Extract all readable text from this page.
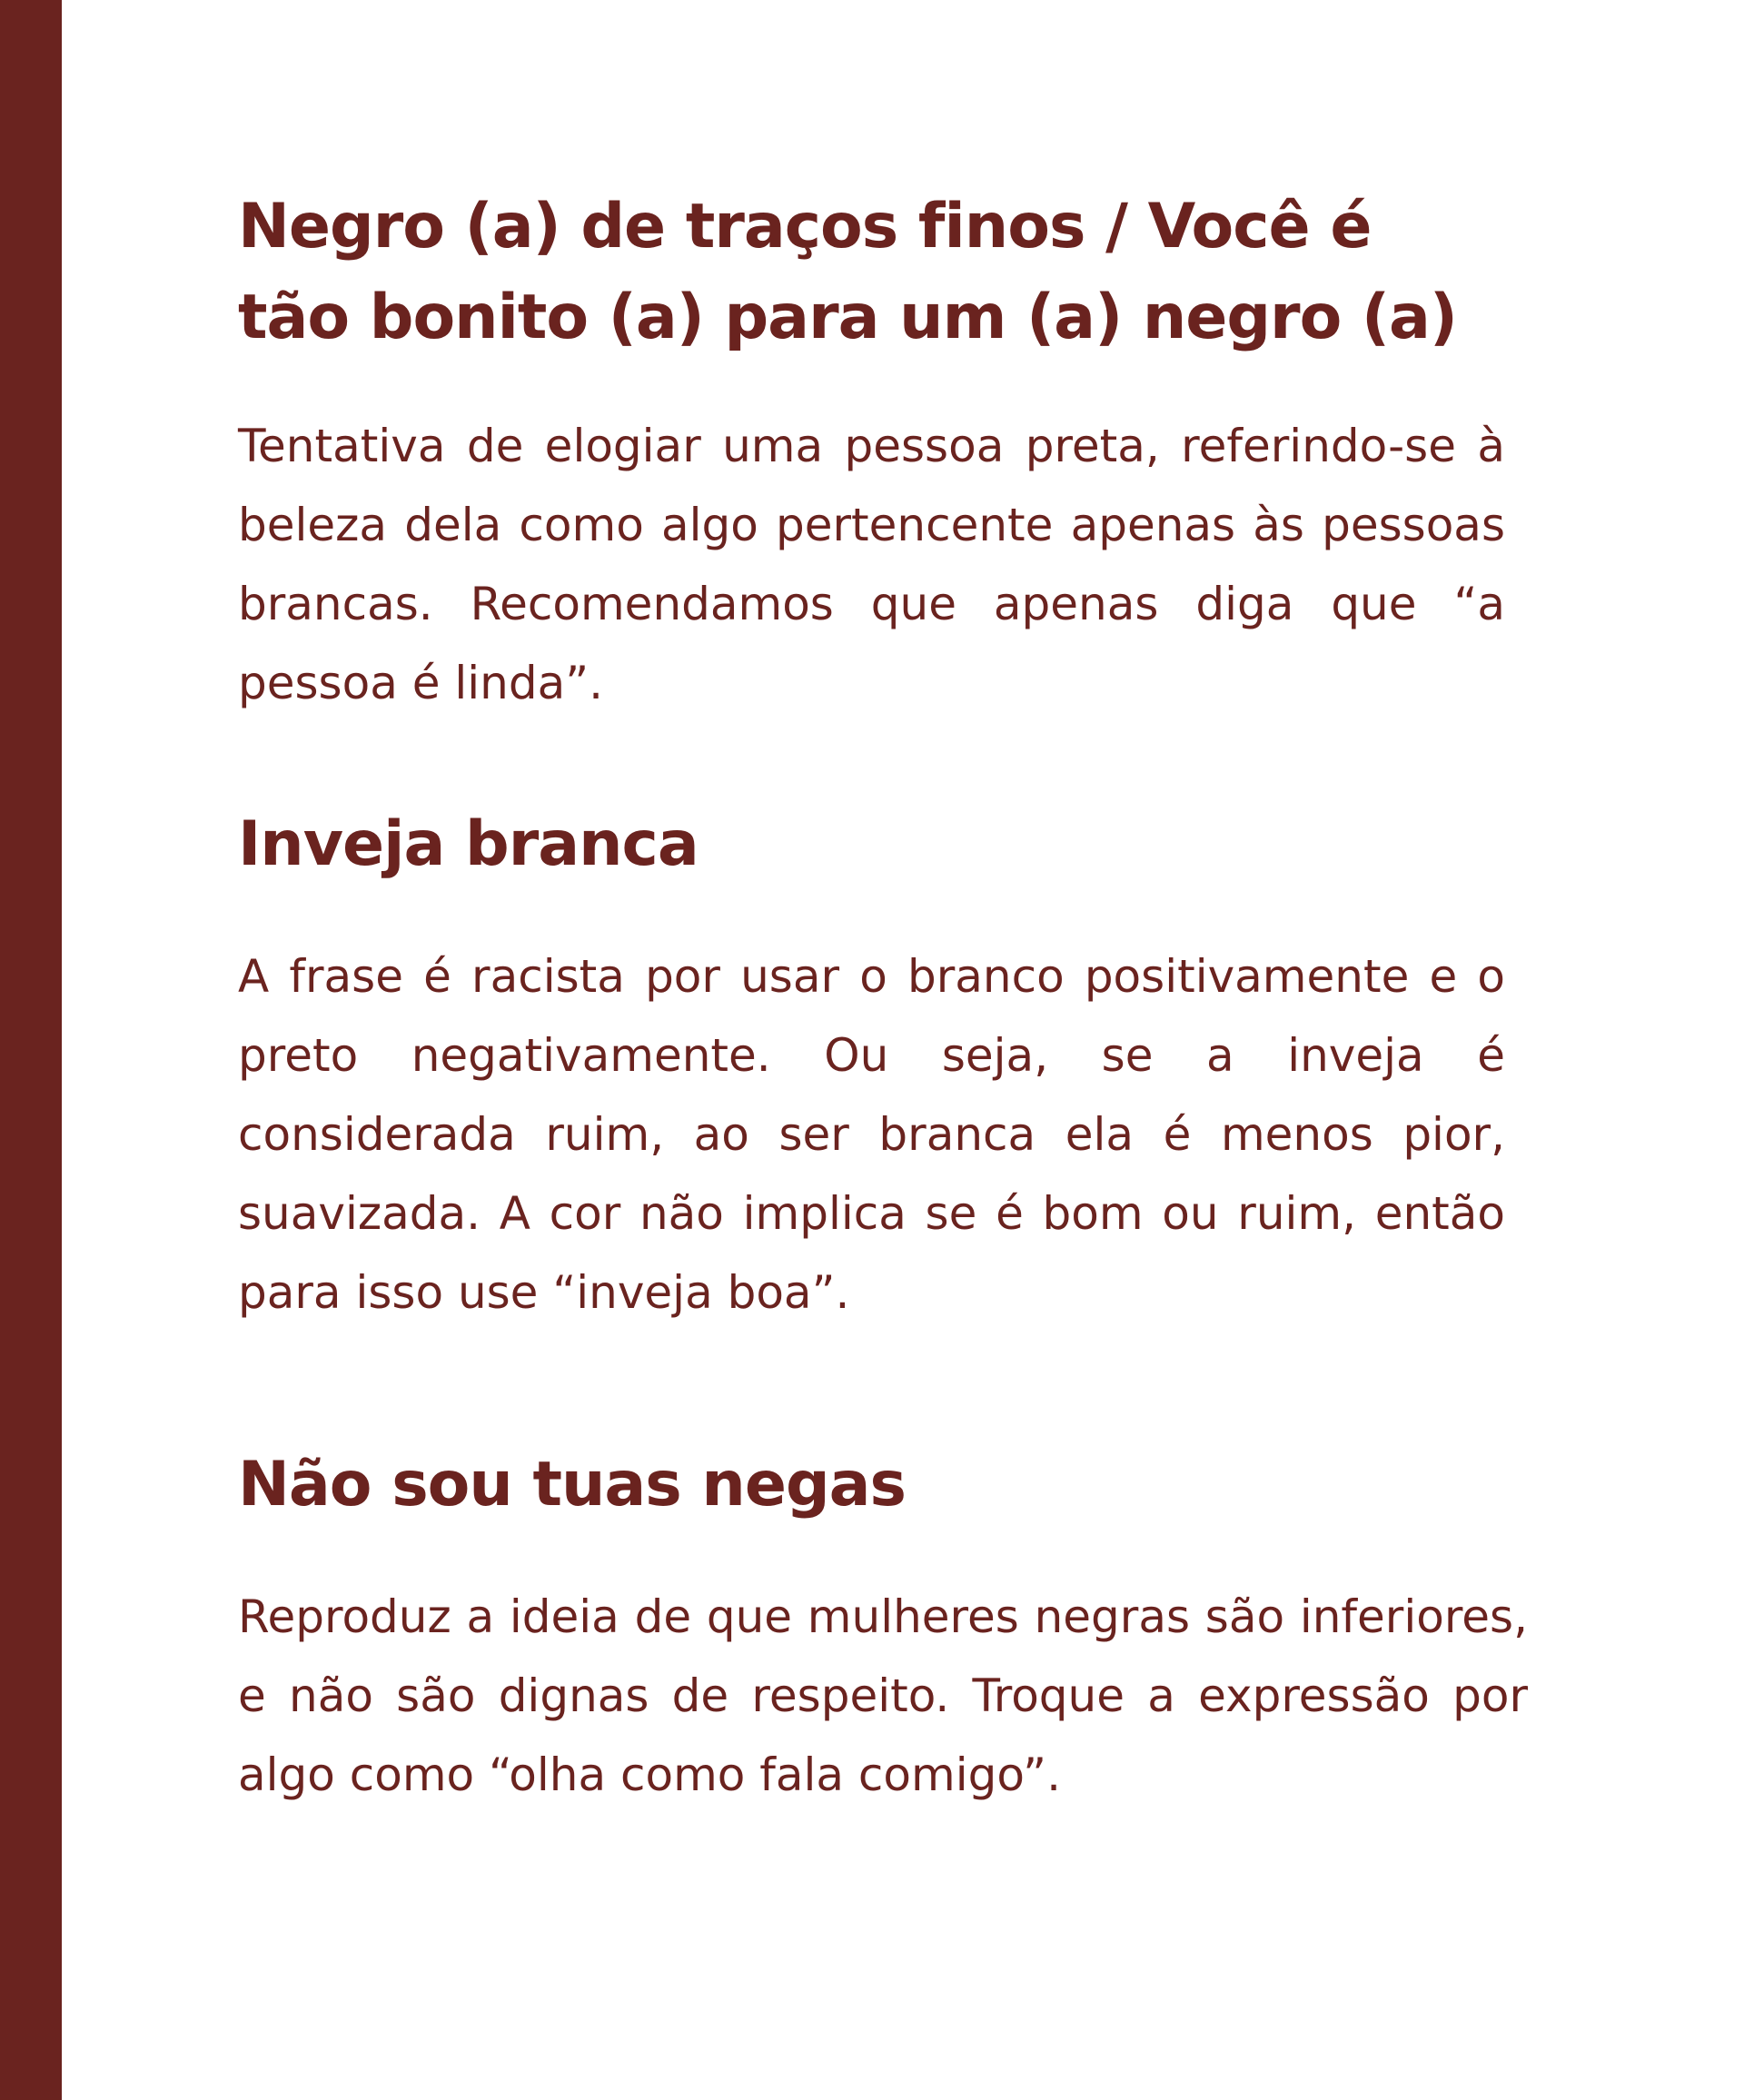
Negro (a) de traços finos / Você é
tão bonito (a) para um (a) negro (a)

Tentativa de elogiar uma pessoa preta, referindo-se à beleza dela como algo pertencente apenas às pessoas brancas. Recomendamos que apenas diga que “a pessoa é linda”.

Inveja branca

A frase é racista por usar o branco positivamente e o preto negativamente. Ou seja, se a inveja é considerada ruim, ao ser branca ela é menos pior, suavizada. A cor não implica se é bom ou ruim, então para isso use “inveja boa”.

Não sou tuas negas

Reproduz a ideia de que mulheres negras são inferiores, e não são dignas de respeito. Troque a expressão por algo como “olha como fala comigo”.
